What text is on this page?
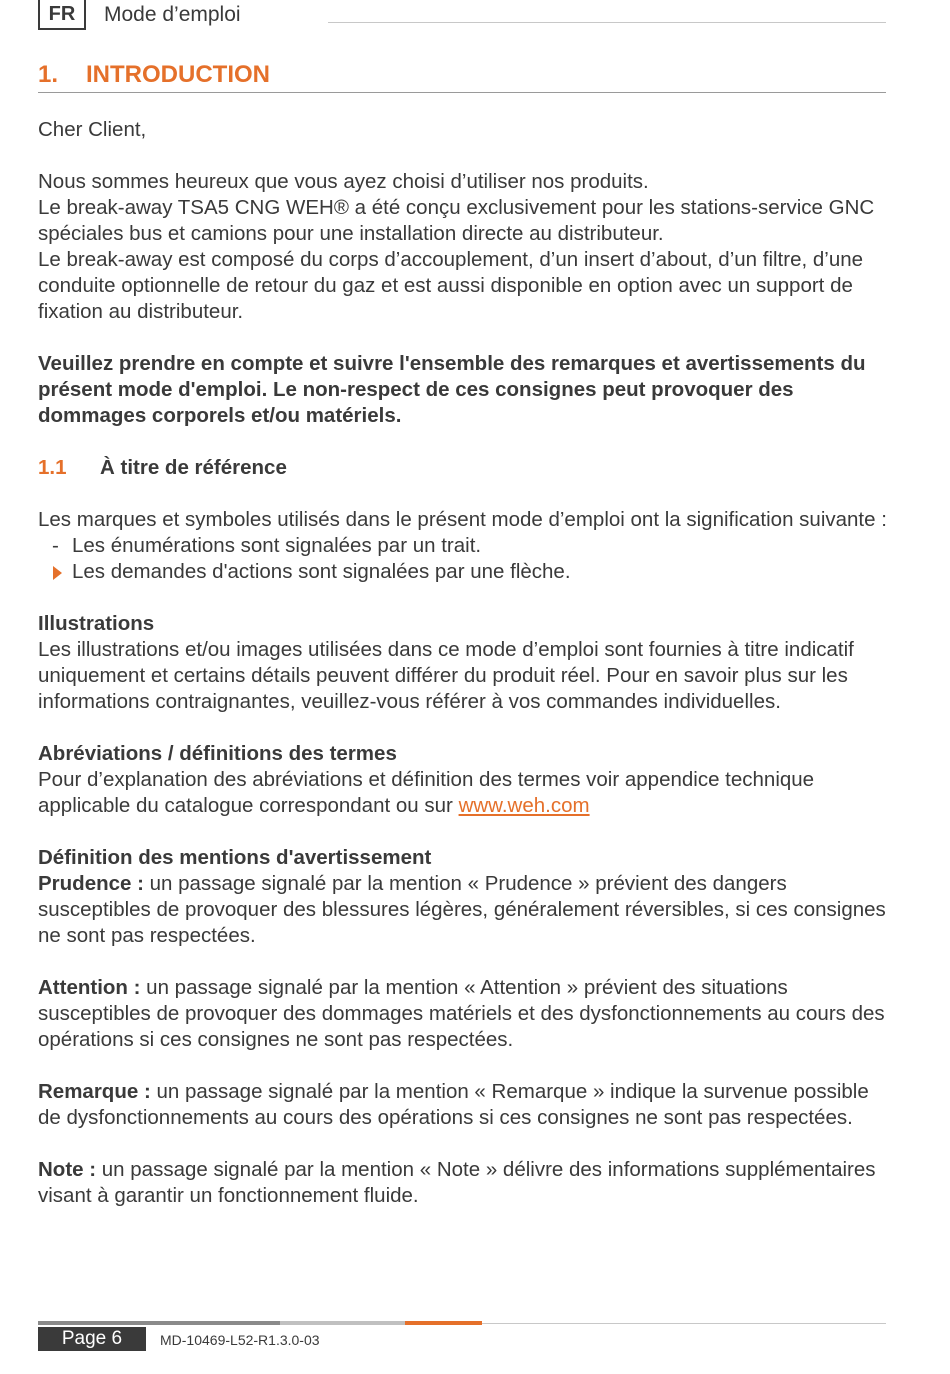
FR	Mode d’emploi
1. INTRODUCTION

Cher Client,

Nous sommes heureux que vous ayez choisi d’utiliser nos produits.

Le break-away TSA5 CNG WEH® a été conçu exclusivement pour les stations-service GNC spéciales bus et camions pour une installation directe au distributeur.

Le break-away est composé du corps d’accouplement, d’un insert d’about, d’un filtre, d’une conduite optionnelle de retour du gaz et est aussi disponible en option avec un support de fixation au distributeur.

Veuillez prendre en compte et suivre l'ensemble des remarques et avertissements du présent mode d'emploi. Le non-respect de ces consignes peut provoquer des dommages corporels et/ou matériels.

1.1 À titre de référence

Les marques et symboles utilisés dans le présent mode d’emploi ont la signification suivante :

- Les énumérations sont signalées par un trait.

Les demandes d'actions sont signalées par une flèche.

Illustrations

Les illustrations et/ou images utilisées dans ce mode d’emploi sont fournies à titre indicatif uniquement et certains détails peuvent différer du produit réel. Pour en savoir plus sur les informations contraignantes, veuillez-vous référer à vos commandes individuelles.

Abréviations / définitions des termes

Pour d’explanation des abréviations et définition des termes voir appendice technique applicable du catalogue correspondant ou sur www.weh.com

Définition des mentions d'avertissement

Prudence : un passage signalé par la mention « Prudence » prévient des dangers susceptibles de provoquer des blessures légères, généralement réversibles, si ces consignes ne sont pas respectées.

Attention : un passage signalé par la mention « Attention » prévient des situations susceptibles de provoquer des dommages matériels et des dysfonctionnements au cours des opérations si ces consignes ne sont pas respectées.

Remarque : un passage signalé par la mention « Remarque » indique la survenue possible de dysfonctionnements au cours des opérations si ces consignes ne sont pas respectées.

Note : un passage signalé par la mention « Note » délivre des informations supplémentaires visant à garantir un fonctionnement fluide.

Page 6	MD-10469-L52-R1.3.0-03
